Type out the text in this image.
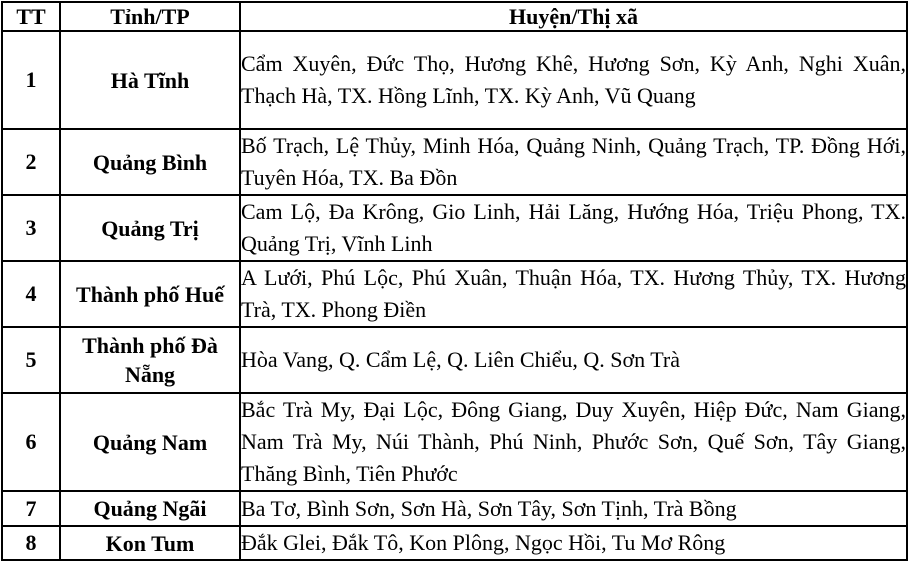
TT	Tỉnh/TP	Huyện/Thị xã
1	Hà Tĩnh	Cẩm Xuyên, Đức Thọ, Hương Khê, Hương Sơn, Kỳ Anh, Nghi Xuân, Thạch Hà, TX. Hồng Lĩnh, TX. Kỳ Anh, Vũ Quang
2	Quảng Bình	Bố Trạch, Lệ Thủy, Minh Hóa, Quảng Ninh, Quảng Trạch, TP. Đồng Hới, Tuyên Hóa, TX. Ba Đồn
3	Quảng Trị	Cam Lộ, Đa Krông, Gio Linh, Hải Lăng, Hướng Hóa, Triệu Phong, TX. Quảng Trị, Vĩnh Linh
4	Thành phố Huế	A Lưới, Phú Lộc, Phú Xuân, Thuận Hóa, TX. Hương Thủy, TX. Hương Trà, TX. Phong Điền
5	Thành phố Đà Nẵng	Hòa Vang, Q. Cẩm Lệ, Q. Liên Chiểu, Q. Sơn Trà
6	Quảng Nam	Bắc Trà My, Đại Lộc, Đông Giang, Duy Xuyên, Hiệp Đức, Nam Giang, Nam Trà My, Núi Thành, Phú Ninh, Phước Sơn, Quế Sơn, Tây Giang, Thăng Bình, Tiên Phước
7	Quảng Ngãi	Ba Tơ, Bình Sơn, Sơn Hà, Sơn Tây, Sơn Tịnh, Trà Bồng
8	Kon Tum	Đắk Glei, Đắk Tô, Kon Plông, Ngọc Hồi, Tu Mơ Rông
